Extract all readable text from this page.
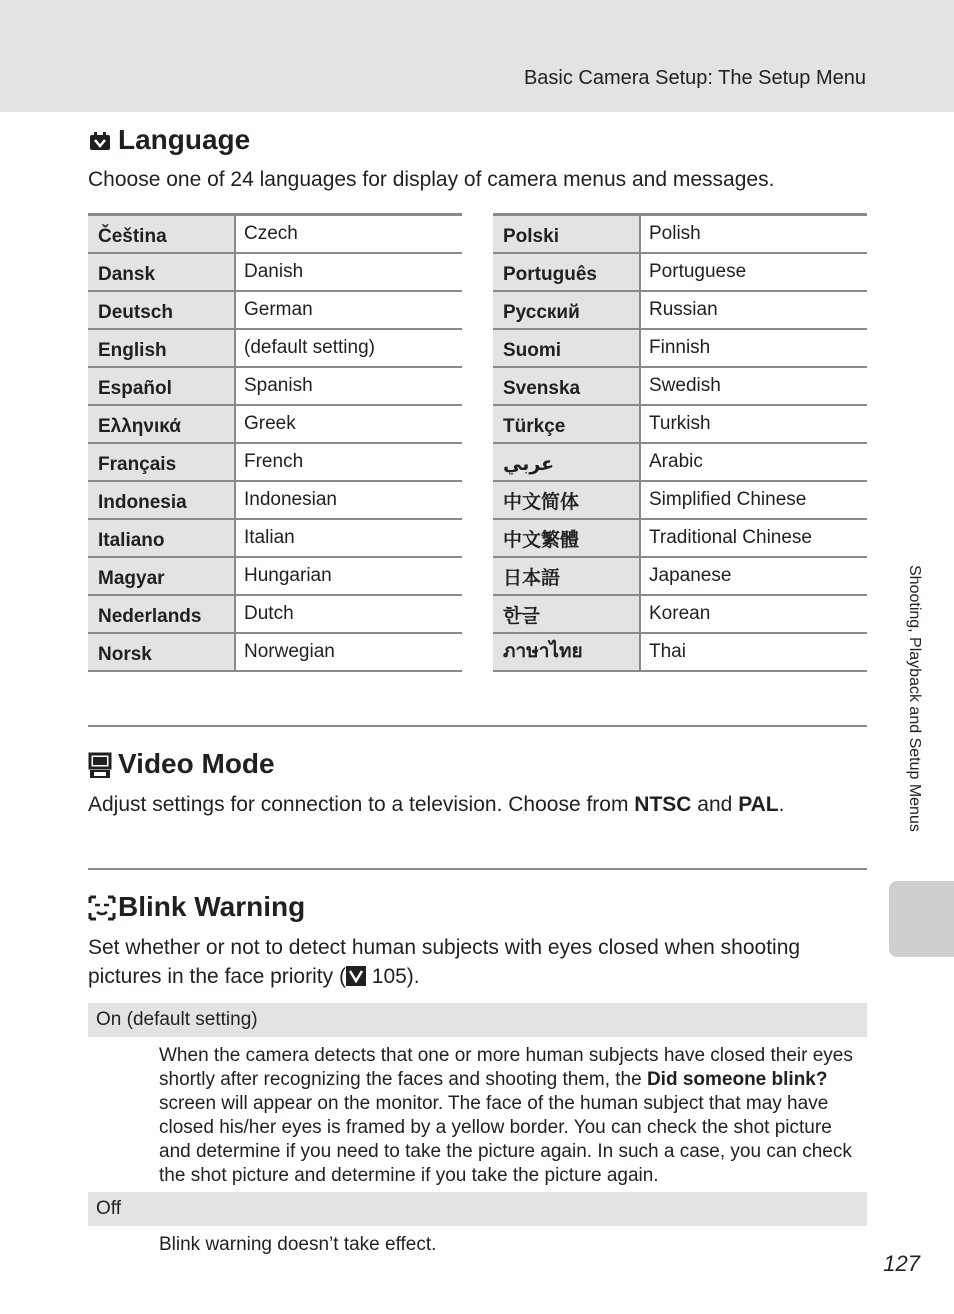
Basic Camera Setup: The Setup Menu
Language
Choose one of 24 languages for display of camera menus and messages.
Čeština	Czech
Dansk	Danish
Deutsch	German
English	(default setting)
Español	Spanish
Ελληνικά	Greek
Français	French
Indonesia	Indonesian
Italiano	Italian
Magyar	Hungarian
Nederlands	Dutch
Norsk	Norwegian
Polski	Polish
Português	Portuguese
Русский	Russian
Suomi	Finnish
Svenska	Swedish
Türkçe	Turkish
عربي	Arabic
中文简体	Simplified Chinese
中文繁體	Traditional Chinese
日本語	Japanese
한글	Korean
ภาษาไทย	Thai
Video Mode
Adjust settings for connection to a television. Choose from NTSC and PAL.
Blink Warning
Set whether or not to detect human subjects with eyes closed when shooting
pictures in the face priority ( 105).
On (default setting)
When the camera detects that one or more human subjects have closed their eyes shortly after recognizing the faces and shooting them, the Did someone blink? screen will appear on the monitor. The face of the human subject that may have closed his/her eyes is framed by a yellow border. You can check the shot picture and determine if you need to take the picture again. In such a case, you can check the shot picture and determine if you take the picture again.
Off
Blink warning doesn’t take effect.
Shooting, Playback and Setup Menus
127
